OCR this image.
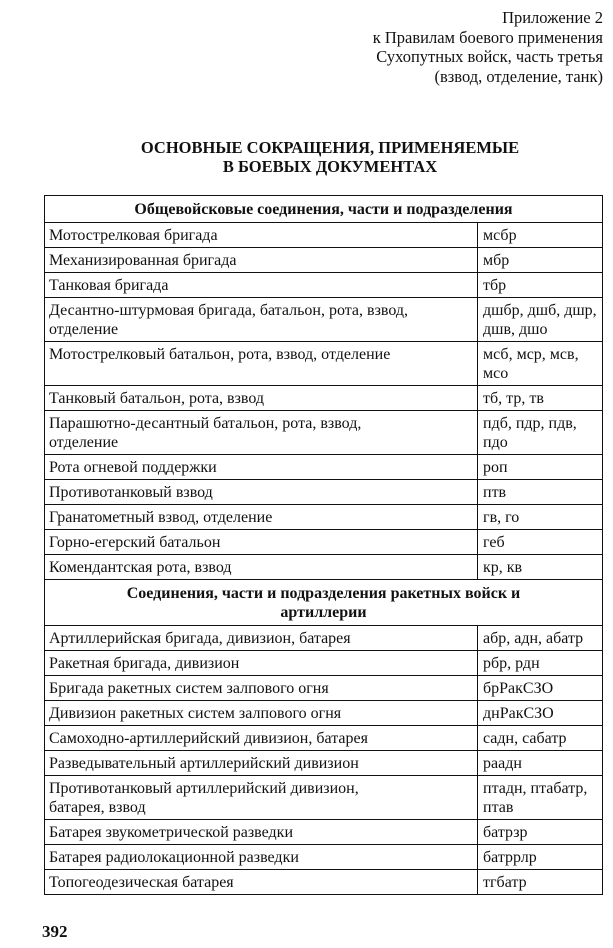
Приложение 2
к Правилам боевого применения
Сухопутных войск, часть третья
(взвод, отделение, танк)
ОСНОВНЫЕ СОКРАЩЕНИЯ, ПРИМЕНЯЕМЫЕ
В БОЕВЫХ ДОКУМЕНТАХ
Общевойсковые соединения, части и подразделения	
Мотострелковая бригада	мсбр
Механизированная бригада	мбр
Танковая бригада	тбр
Десантно-штурмовая бригада, батальон, рота, взвод, отделение	дшбр, дшб, дшр, дшв, дшо
Мотострелковый батальон, рота, взвод, отделение	мсб, мср, мсв, мсо
Танковый батальон, рота, взвод	тб, тр, тв
Парашютно-десантный батальон, рота, взвод, отделение	пдб, пдр, пдв, пдо
Рота огневой поддержки	роп
Противотанковый взвод	птв
Гранатометный взвод, отделение	гв, го
Горно-егерский батальон	геб
Комендантская рота, взвод	кр, кв
Соединения, части и подразделения ракетных войск и артиллерии	
Артиллерийская бригада, дивизион, батарея	абр, адн, абатр
Ракетная бригада, дивизион	рбр, рдн
Бригада ракетных систем залпового огня	брРакСЗО
Дивизион ракетных систем залпового огня	днРакСЗО
Самоходно-артиллерийский дивизион, батарея	садн, сабатр
Разведывательный артиллерийский дивизион	раадн
Противотанковый артиллерийский дивизион, батарея, взвод	птадн, птабатр, птав
Батарея звукометрической разведки	батрзр
Батарея радиолокационной разведки	батррлр
Топогеодезическая батарея	тгбатр
392
